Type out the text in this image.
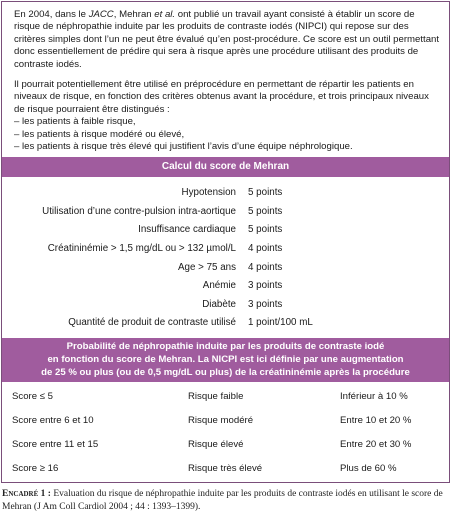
En 2004, dans le JACC, Mehran et al. ont publié un travail ayant consisté à établir un score de risque de néphropathie induite par les produits de contraste iodés (NIPCI) qui repose sur des critères simples dont l’un ne peut être évalué qu’en post-procédure. Ce score est un outil permettant donc essentiellement de prédire qui sera à risque après une procédure utilisant des produits de contraste iodés.

Il pourrait potentiellement être utilisé en préprocédure en permettant de répartir les patients en niveaux de risque, en fonction des critères obtenus avant la procédure, et trois principaux niveaux de risque pourraient être distingués :

– les patients à faible risque,
– les patients à risque modéré ou élevé,
– les patients à risque très élevé qui justifient l’avis d’une équipe néphrologique.
Calcul du score de Mehran
Hypotension	5 points
Utilisation d’une contre-pulsion intra-aortique	5 points
Insuffisance cardiaque	5 points
Créatininémie > 1,5 mg/dL ou > 132 µmol/L	4 points
Age > 75 ans	4 points
Anémie	3 points
Diabète	3 points
Quantité de produit de contraste utilisé	1 point/100 mL
Probabilité de néphropathie induite par les produits de contraste iodé
en fonction du score de Mehran. La NICPI est ici définie par une augmentation
de 25 % ou plus (ou de 0,5 mg/dL ou plus) de la créatininémie après la procédure
Score ≤ 5	Risque faible	Inférieur à 10 %
Score entre 6 et 10	Risque modéré	Entre 10 et 20 %
Score entre 11 et 15	Risque élevé	Entre 20 et 30 %
Score ≥ 16	Risque très élevé	Plus de 60 %
Encadré 1 : Evaluation du risque de néphropathie induite par les produits de contraste iodés en utilisant le score de Mehran (J Am Coll Cardiol 2004 ; 44 : 1393–1399).
